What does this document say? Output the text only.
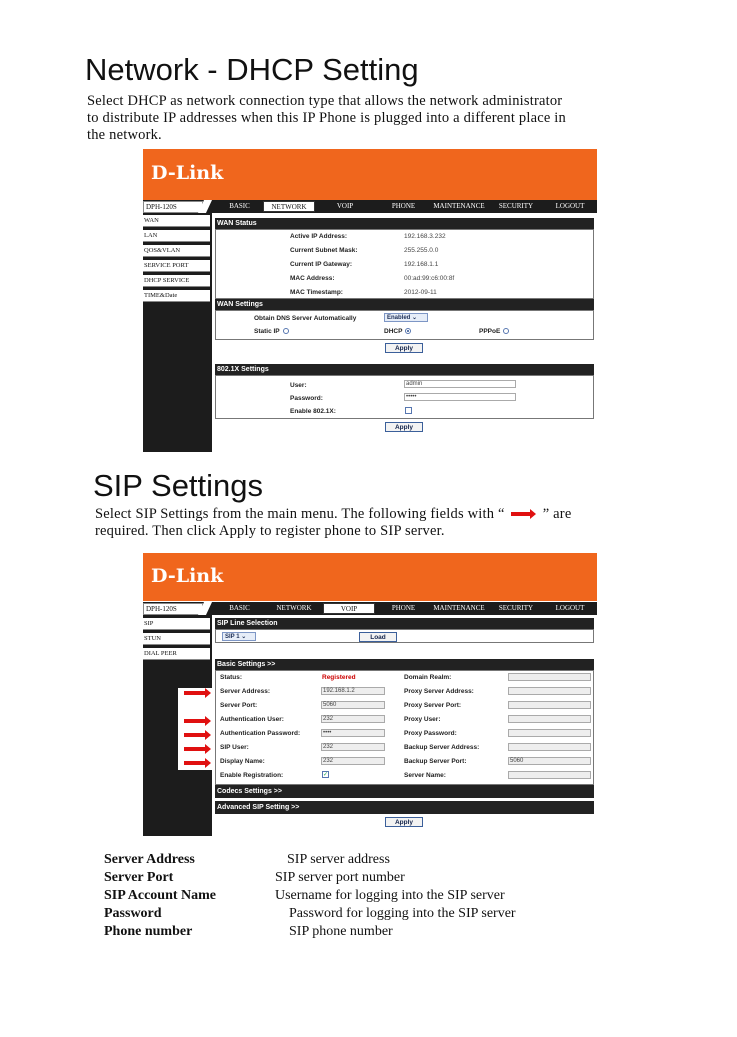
Network - DHCP Setting
Select DHCP as network connection type that allows the network administrator
to distribute IP addresses when this IP Phone is plugged into a different place in
the network.
D-Link
DPH-120S	BASIC	NETWORK	VOIP	PHONE	MAINTENANCE	SECURITY	LOGOUT
WAN
LAN
QOS&VLAN
SERVICE PORT
DHCP SERVICE
TIME&Date
WAN Status
Active IP Address:	192.168.3.232
Current Subnet Mask:	255.255.0.0
Current IP Gateway:	192.168.1.1
MAC Address:	00:ad:99:c6:00:8f
MAC Timestamp:	2012-09-11
WAN Settings
Obtain DNS Server Automatically	Enabled ⌄
Static IP	DHCP	PPPoE
Apply
802.1X Settings
User:	admin
Password:	•••••
Enable 802.1X:
Apply
SIP Settings
Select SIP Settings from the main menu. The following fields with “	” are
required. Then click Apply to register phone to SIP server.
D-Link
DPH-120S	BASIC	NETWORK	VOIP	PHONE	MAINTENANCE	SECURITY	LOGOUT
SIP
STUN
DIAL PEER
SIP Line Selection
SIP 1 ⌄	Load
Basic Settings >>
Status:	Registered
Server Address:	192.168.1.2
Server Port:	5060
Authentication User:	232
Authentication Password:	••••
SIP User:	232
Display Name:	232
Enable Registration:	✓
Domain Realm:
Proxy Server Address:
Proxy Server Port:
Proxy User:
Proxy Password:
Backup Server Address:
Backup Server Port:	5060
Server Name:
Codecs Settings >>
Advanced SIP Setting >>
Apply
Server Address	SIP server address
Server Port	SIP server port number
SIP Account Name	Username for logging into the SIP server
Password	Password for logging into the SIP server
Phone number	SIP phone number
